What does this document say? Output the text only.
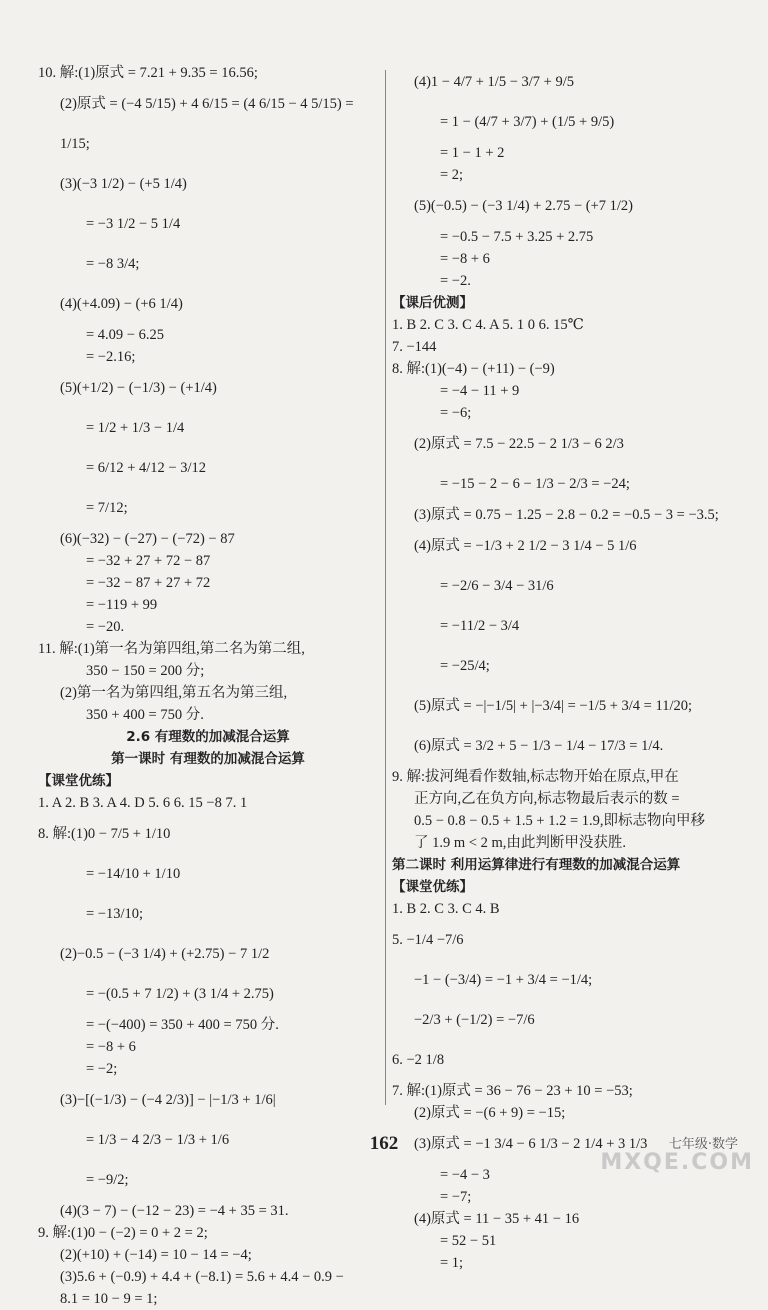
10. 解:(1)原式 = 7.21 + 9.35 = 16.56;
(2)原式 = (−4 5/15) + 4 6/15 = (4 6/15 − 4 5/15) =
1/15;
(3)(−3 1/2) − (+5 1/4)
= −3 1/2 − 5 1/4
= −8 3/4;
(4)(+4.09) − (+6 1/4)
= 4.09 − 6.25
= −2.16;
(5)(+1/2) − (−1/3) − (+1/4)
= 1/2 + 1/3 − 1/4
= 6/12 + 4/12 − 3/12
= 7/12;
(6)(−32) − (−27) − (−72) − 87
= −32 + 27 + 72 − 87
= −32 − 87 + 27 + 72
= −119 + 99
= −20.
11. 解:(1)第一名为第四组,第二名为第二组,
350 − 150 = 200 分;
(2)第一名为第四组,第五名为第三组,
350 + 400 = 750 分.
2.6 有理数的加减混合运算
第一课时 有理数的加减混合运算
【课堂优练】
1. A 2. B 3. A 4. D 5. 6 6. 15 −8 7. 1
8. 解:(1)0 − 7/5 + 1/10
= −14/10 + 1/10
= −13/10;
(2)−0.5 − (−3 1/4) + (+2.75) − 7 1/2
= −(0.5 + 7 1/2) + (3 1/4 + 2.75)
= −(−400) = 350 + 400 = 750 分.
= −8 + 6
= −2;
(3)−[(−1/3) − (−4 2/3)] − |−1/3 + 1/6|
= 1/3 − 4 2/3 − 1/3 + 1/6
= −9/2;
(4)(3 − 7) − (−12 − 23) = −4 + 35 = 31.
9. 解:(1)0 − (−2) = 0 + 2 = 2;
(2)(+10) + (−14) = 10 − 14 = −4;
(3)5.6 + (−0.9) + 4.4 + (−8.1) = 5.6 + 4.4 − 0.9 −
8.1 = 10 − 9 = 1;
(4)1 − 4/7 + 1/5 − 3/7 + 9/5
= 1 − (4/7 + 3/7) + (1/5 + 9/5)
= 1 − 1 + 2
= 2;
(5)(−0.5) − (−3 1/4) + 2.75 − (+7 1/2)
= −0.5 − 7.5 + 3.25 + 2.75
= −8 + 6
= −2.
【课后优测】
1. B 2. C 3. C 4. A 5. 1 0 6. 15℃
7. −144
8. 解:(1)(−4) − (+11) − (−9)
= −4 − 11 + 9
= −6;
(2)原式 = 7.5 − 22.5 − 2 1/3 − 6 2/3
= −15 − 2 − 6 − 1/3 − 2/3 = −24;
(3)原式 = 0.75 − 1.25 − 2.8 − 0.2 = −0.5 − 3 = −3.5;
(4)原式 = −1/3 + 2 1/2 − 3 1/4 − 5 1/6
= −2/6 − 3/4 − 31/6
= −11/2 − 3/4
= −25/4;
(5)原式 = −|−1/5| + |−3/4| = −1/5 + 3/4 = 11/20;
(6)原式 = 3/2 + 5 − 1/3 − 1/4 − 17/3 = 1/4.
9. 解:拔河绳看作数轴,标志物开始在原点,甲在
正方向,乙在负方向,标志物最后表示的数 =
0.5 − 0.8 − 0.5 + 1.5 + 1.2 = 1.9,即标志物向甲移
了 1.9 m < 2 m,由此判断甲没获胜.
第二课时 利用运算律进行有理数的加减混合运算
【课堂优练】
1. B 2. C 3. C 4. B
5. −1/4 −7/6
−1 − (−3/4) = −1 + 3/4 = −1/4;
−2/3 + (−1/2) = −7/6
6. −2 1/8
7. 解:(1)原式 = 36 − 76 − 23 + 10 = −53;
(2)原式 = −(6 + 9) = −15;
(3)原式 = −1 3/4 − 6 1/3 − 2 1/4 + 3 1/3
= −4 − 3
= −7;
(4)原式 = 11 − 35 + 41 − 16
= 52 − 51
= 1;
162	七年级·数学
MXQE.COM
